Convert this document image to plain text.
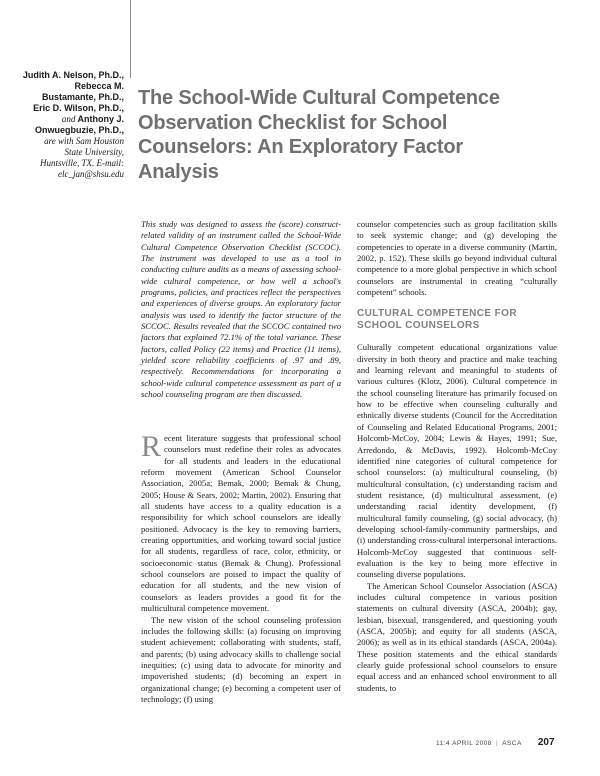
Judith A. Nelson, Ph.D.,
Rebecca M.
Bustamante, Ph.D.,
Eric D. Wilson, Ph.D.,
and Anthony J.
Onwuegbuzie, Ph.D.,
are with Sam Houston
State University,
Huntsville, TX. E-mail:
elc_jan@shsu.edu
The School-Wide Cultural Competence Observation Checklist for School Counselors: An Exploratory Factor Analysis

This study was designed to assess the (score) construct-related validity of an instrument called the School-Wide Cultural Competence Observation Checklist (SCCOC). The instrument was developed to use as a tool in conducting culture audits as a means of assessing school-wide cultural competence, or how well a school's programs, policies, and practices reflect the perspectives and experiences of diverse groups. An exploratory factor analysis was used to identify the factor structure of the SCCOC. Results revealed that the SCCOC contained two factors that explained 72.1% of the total variance. These factors, called Policy (22 items) and Practice (11 items), yielded score reliability coefficients of .97 and .89, respectively. Recommendations for incorporating a school-wide cultural competence assessment as part of a school counseling program are then discussed.

Recent literature suggests that professional school counselors must redefine their roles as advocates for all students and leaders in the educational reform movement (American School Counselor Association, 2005a; Bemak, 2000; Bemak & Chung, 2005; House & Sears, 2002; Martin, 2002). Ensuring that all students have access to a quality education is a responsibility for which school counselors are ideally positioned. Advocacy is the key to removing barriers, creating opportunities, and working toward social justice for all students, regardless of race, color, ethnicity, or socioeconomic status (Bemak & Chung). Professional school counselors are poised to impact the quality of education for all students, and the new vision of counselors as leaders provides a good fit for the multicultural competence movement.

The new vision of the school counseling profession includes the following skills: (a) focusing on improving student achievement; collaborating with students, staff, and parents; (b) using advocacy skills to challenge social inequities; (c) using data to advocate for minority and impoverished students; (d) becoming an expert in organizational change; (e) becoming a competent user of technology; (f) using

counselor competencies such as group facilitation skills to seek systemic change; and (g) developing the competencies to operate in a diverse community (Martin, 2002, p. 152). These skills go beyond individual cultural competence to a more global perspective in which school counselors are instrumental in creating “culturally competent” schools.

CULTURAL COMPETENCE FOR SCHOOL COUNSELORS

Culturally competent educational organizations value diversity in both theory and practice and make teaching and learning relevant and meaningful to students of various cultures (Klotz, 2006). Cultural competence in the school counseling literature has primarily focused on how to be effective when counseling culturally and ethnically diverse students (Council for the Accreditation of Counseling and Related Educational Programs, 2001; Holcomb-McCoy, 2004; Lewis & Hayes, 1991; Sue, Arredondo, & McDavis, 1992). Holcomb-McCoy identified nine categories of cultural competence for school counselors: (a) multicultural counseling, (b) multicultural consultation, (c) understanding racism and student resistance, (d) multicultural assessment, (e) understanding racial identity development, (f) multicultural family counseling, (g) social advocacy, (h) developing school-family-community partnerships, and (i) understanding cross-cultural interpersonal interactions. Holcomb-McCoy suggested that continuous self-evaluation is the key to being more effective in counseling diverse populations.

The American School Counselor Association (ASCA) includes cultural competence in various position statements on cultural diversity (ASCA, 2004b); gay, lesbian, bisexual, transgendered, and questioning youth (ASCA, 2005b); and equity for all students (ASCA, 2006); as well as in its ethical standards (ASCA, 2004a). These position statements and the ethical standards clearly guide professional school counselors to ensure equal access and an enhanced school environment to all students, to

11:4 APRIL 2008 | ASCA 207
